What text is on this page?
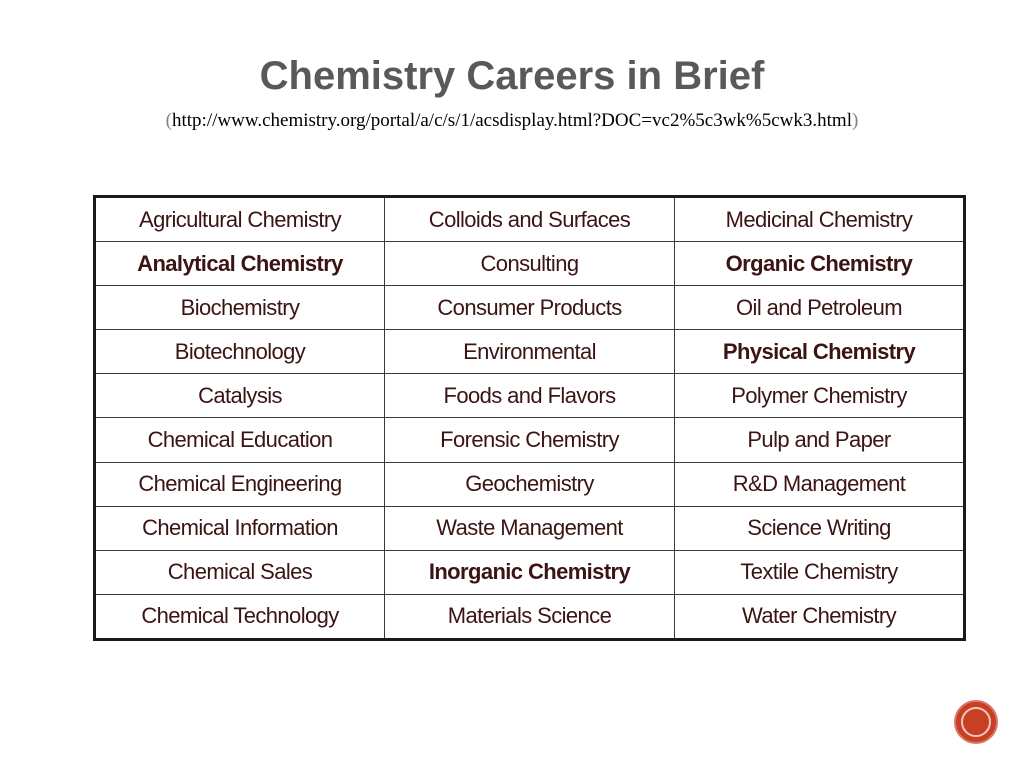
Chemistry Careers in Brief
(http://www.chemistry.org/portal/a/c/s/1/acsdisplay.html?DOC=vc2%5c3wk%5cwk3.html)
Agricultural Chemistry	Colloids and Surfaces	Medicinal Chemistry
Analytical Chemistry	Consulting	Organic Chemistry
Biochemistry	Consumer Products	Oil and Petroleum
Biotechnology	Environmental	Physical Chemistry
Catalysis	Foods and Flavors	Polymer Chemistry
Chemical Education	Forensic Chemistry	Pulp and Paper
Chemical Engineering	Geochemistry	R&D Management
Chemical Information	Waste Management	Science Writing
Chemical Sales	Inorganic Chemistry	Textile Chemistry
Chemical Technology	Materials Science	Water Chemistry
